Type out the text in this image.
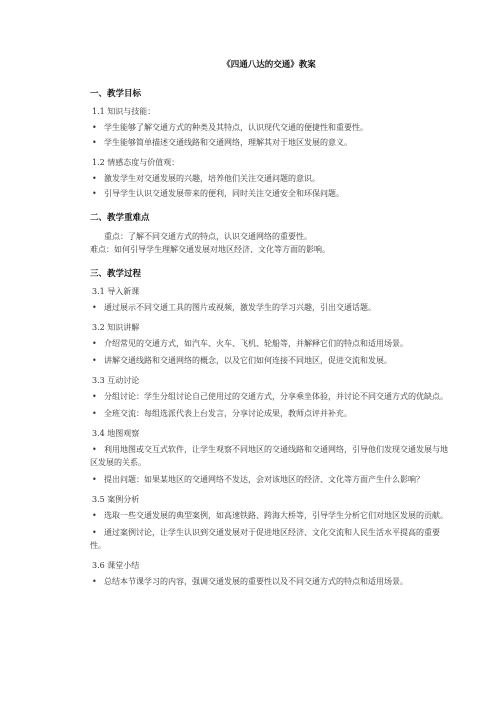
《四通八达的交通》教案
一、教学目标
1.1 知识与技能：
• 学生能够了解交通方式的种类及其特点，认识现代交通的便捷性和重要性。
• 学生能够简单描述交通线路和交通网络，理解其对于地区发展的意义。
1.2 情感态度与价值观：
• 激发学生对交通发展的兴趣，培养他们关注交通问题的意识。
• 引导学生认识交通发展带来的便利，同时关注交通安全和环保问题。
二、教学重难点

重点：了解不同交通方式的特点，认识交通网络的重要性。

难点：如何引导学生理解交通发展对地区经济、文化等方面的影响。

三、教学过程
3.1 导入新课
• 通过展示不同交通工具的图片或视频，激发学生的学习兴趣，引出交通话题。
3.2 知识讲解
• 介绍常见的交通方式，如汽车、火车、飞机、轮船等，并解释它们的特点和适用场景。
• 讲解交通线路和交通网络的概念，以及它们如何连接不同地区，促进交流和发展。
3.3 互动讨论
• 分组讨论：学生分组讨论自己使用过的交通方式，分享乘坐体验，并讨论不同交通方式的优缺点。
• 全班交流：每组选派代表上台发言，分享讨论成果，教师点评并补充。
3.4 地图观察
• 利用地图或交互式软件，让学生观察不同地区的交通线路和交通网络，引导他们发现交通发展与地区发展的关系。
• 提出问题：如果某地区的交通网络不发达，会对该地区的经济、文化等方面产生什么影响？
3.5 案例分析
• 选取一些交通发展的典型案例，如高速铁路、跨海大桥等，引导学生分析它们对地区发展的贡献。
• 通过案例讨论，让学生认识到交通发展对于促进地区经济、文化交流和人民生活水平提高的重要性。
3.6 课堂小结
• 总结本节课学习的内容，强调交通发展的重要性以及不同交通方式的特点和适用场景。
